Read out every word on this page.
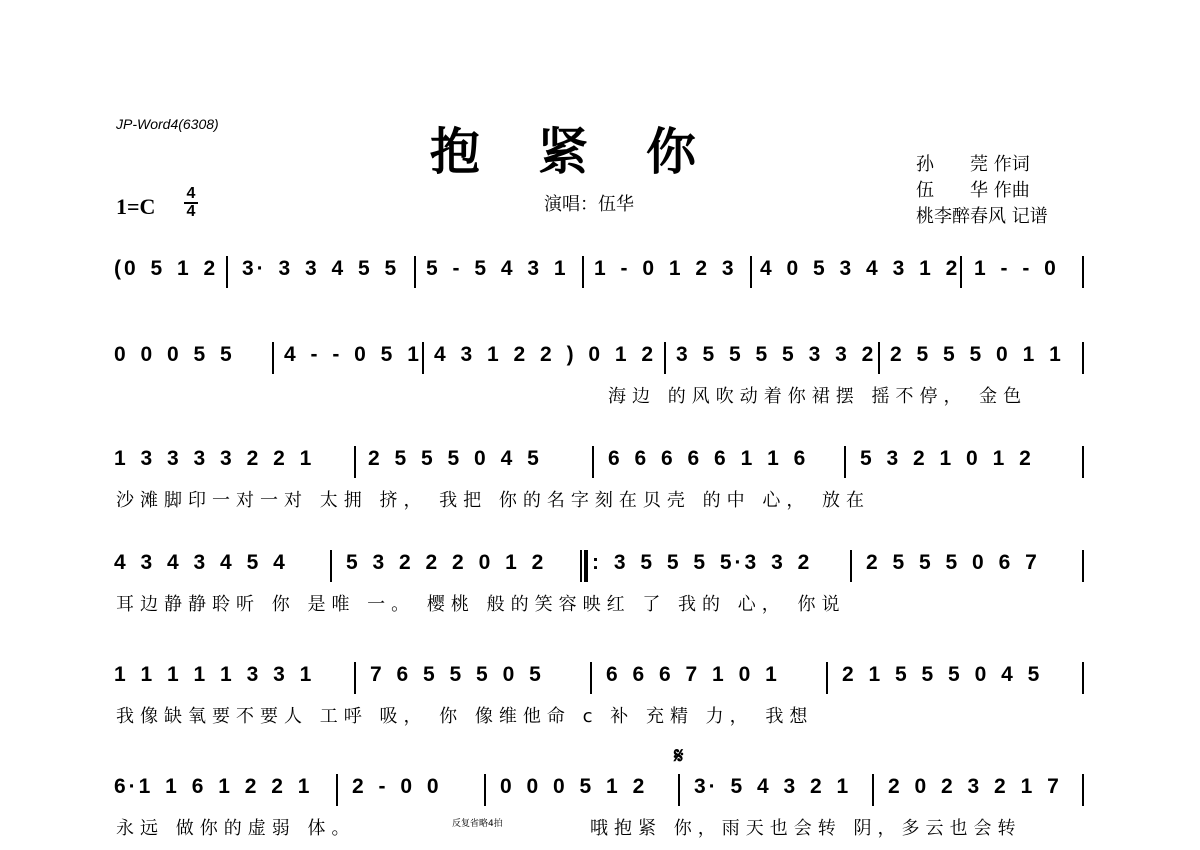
JP-Word4(6308)	抱紧你
演唱：伍华
孙　　莞 作词
伍　　华 作曲
桃李醉春风 记谱
1=C
4
4
(0 5 1 2 3· 3 3 4 5 5 5 - 5 4 3 1 1 - 0 1 2 3 4 0 5 3 4 3 1 2 1 - - 0
0 0 0 5 5 4 - - 0 5 1 4 3 1 2 2 ) 0 1 2 3 5 5 5 5 3 3 2 2 5 5 5 0 1 1
海边 的风吹动着你裙摆 摇不停， 金色
1 3 3 3 3 2 2 1	2 5 5 5 0 4 5	6 6 6 6 6 1 1 6 5 3 2 1 0 1 2
沙滩脚印一对一对 太拥 挤， 我把 你的名字刻在贝壳 的中 心， 放在
4 3 4 3 4 5 4	5 3 2 2 2 0 1 2 : 3 5 5 5 5·3 3 2	2 5 5 5 0 6 7
耳边静静聆听 你 是唯 一。 樱桃 般的笑容映红 了 我的 心， 你说
1 1 1 1 1 3 3 1	7 6 5 5 5 0 5	6 6 6 7 1 0 1	2 1 5 5 5 0 4 5
我像缺氧要不要人 工呼 吸， 你 像维他命 c 补 充精 力， 我想
𝄋
6·1 1 6 1 2 2 1 2 - 0 0	0 0 0 5 1 2 3· 5 4 3 2 1 2 0 2 3 2 1 7
永远 做你的虚弱 体。	反复省略4拍	哦抱紧 你，雨天也会转 阴，多云也会转
